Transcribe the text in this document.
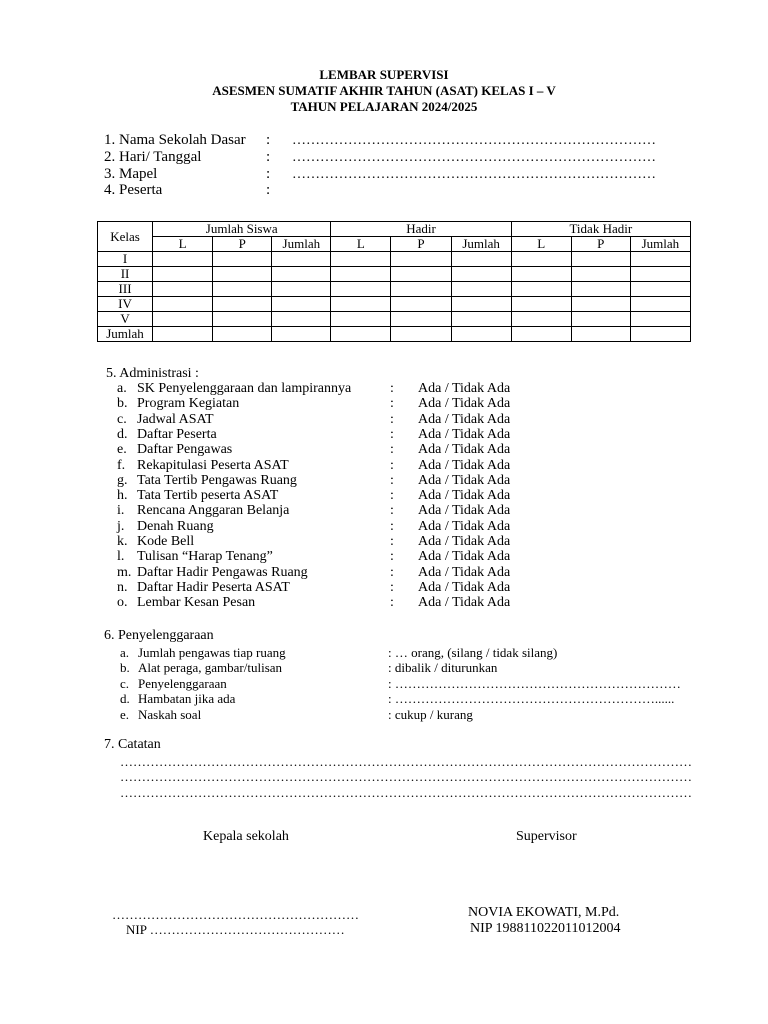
LEMBAR SUPERVISI
ASESMEN SUMATIF AKHIR TAHUN (ASAT) KELAS I – V
TAHUN PELAJARAN 2024/2025
1. Nama Sekolah Dasar : ……………………………………………………………………
2. Hari/ Tanggal	: ……………………………………………………………………
3. Mapel	: ……………………………………………………………………
4. Peserta	:
Kelas	Jumlah Siswa			Hadir			Tidak Hadir		
	L	P	Jumlah	L	P	Jumlah	L	P	Jumlah
I									
II									
III									
IV									
V									
Jumlah									
5. Administrasi :
a. SK Penyelenggaraan dan lampirannya	: Ada / Tidak Ada
b. Program Kegiatan	: Ada / Tidak Ada
c. Jadwal ASAT	: Ada / Tidak Ada
d. Daftar Peserta	: Ada / Tidak Ada
e. Daftar Pengawas	: Ada / Tidak Ada
f. Rekapitulasi Peserta ASAT	: Ada / Tidak Ada
g. Tata Tertib Pengawas Ruang	: Ada / Tidak Ada
h. Tata Tertib peserta ASAT	: Ada / Tidak Ada
i. Rencana Anggaran Belanja	: Ada / Tidak Ada
j. Denah Ruang	: Ada / Tidak Ada
k. Kode Bell	: Ada / Tidak Ada
l. Tulisan “Harap Tenang”	: Ada / Tidak Ada
m. Daftar Hadir Pengawas Ruang	: Ada / Tidak Ada
n. Daftar Hadir Peserta ASAT	: Ada / Tidak Ada
o. Lembar Kesan Pesan	: Ada / Tidak Ada
6. Penyelenggaraan
a. Jumlah pengawas tiap ruang	: … orang, (silang / tidak silang)
b. Alat peraga, gambar/tulisan	: dibalik / diturunkan
c. Penyelenggaraan	: …………………………………………………………
d. Hambatan jika ada	: ……………………………………………………......
e. Naskah soal	: cukup / kurang
7. Catatan
……………………………………………………………………………………………………………………
……………………………………………………………………………………………………………………
……………………………………………………………………………………………………………………
Kepala sekolah	Supervisor
…………………………………………………
NIP ………………………………………
NOVIA EKOWATI, M.Pd.
NIP 198811022011012004
